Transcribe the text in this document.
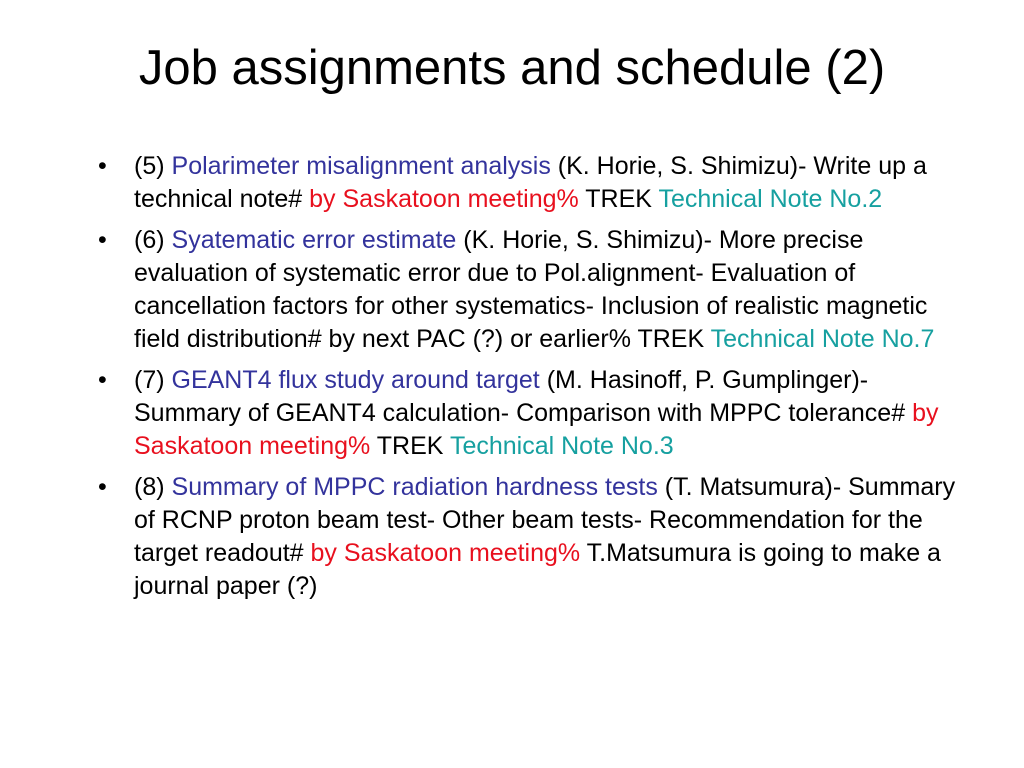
Job assignments and schedule (2)
• (5) Polarimeter misalignment analysis (K. Horie, S. Shimizu)- Write up a technical note# by Saskatoon meeting% TREK Technical Note No.2
• (6) Syatematic error estimate (K. Horie, S. Shimizu)- More precise evaluation of systematic error due to Pol.alignment- Evaluation of cancellation factors for other systematics- Inclusion of realistic magnetic field distribution# by next PAC (?) or earlier% TREK Technical Note No.7
• (7) GEANT4 flux study around target (M. Hasinoff, P. Gumplinger)- Summary of GEANT4 calculation- Comparison with MPPC tolerance# by Saskatoon meeting% TREK Technical Note No.3
• (8) Summary of MPPC radiation hardness tests (T. Matsumura)- Summary of RCNP proton beam test- Other beam tests- Recommendation for the target readout# by Saskatoon meeting% T.Matsumura is going to make a journal paper (?)
